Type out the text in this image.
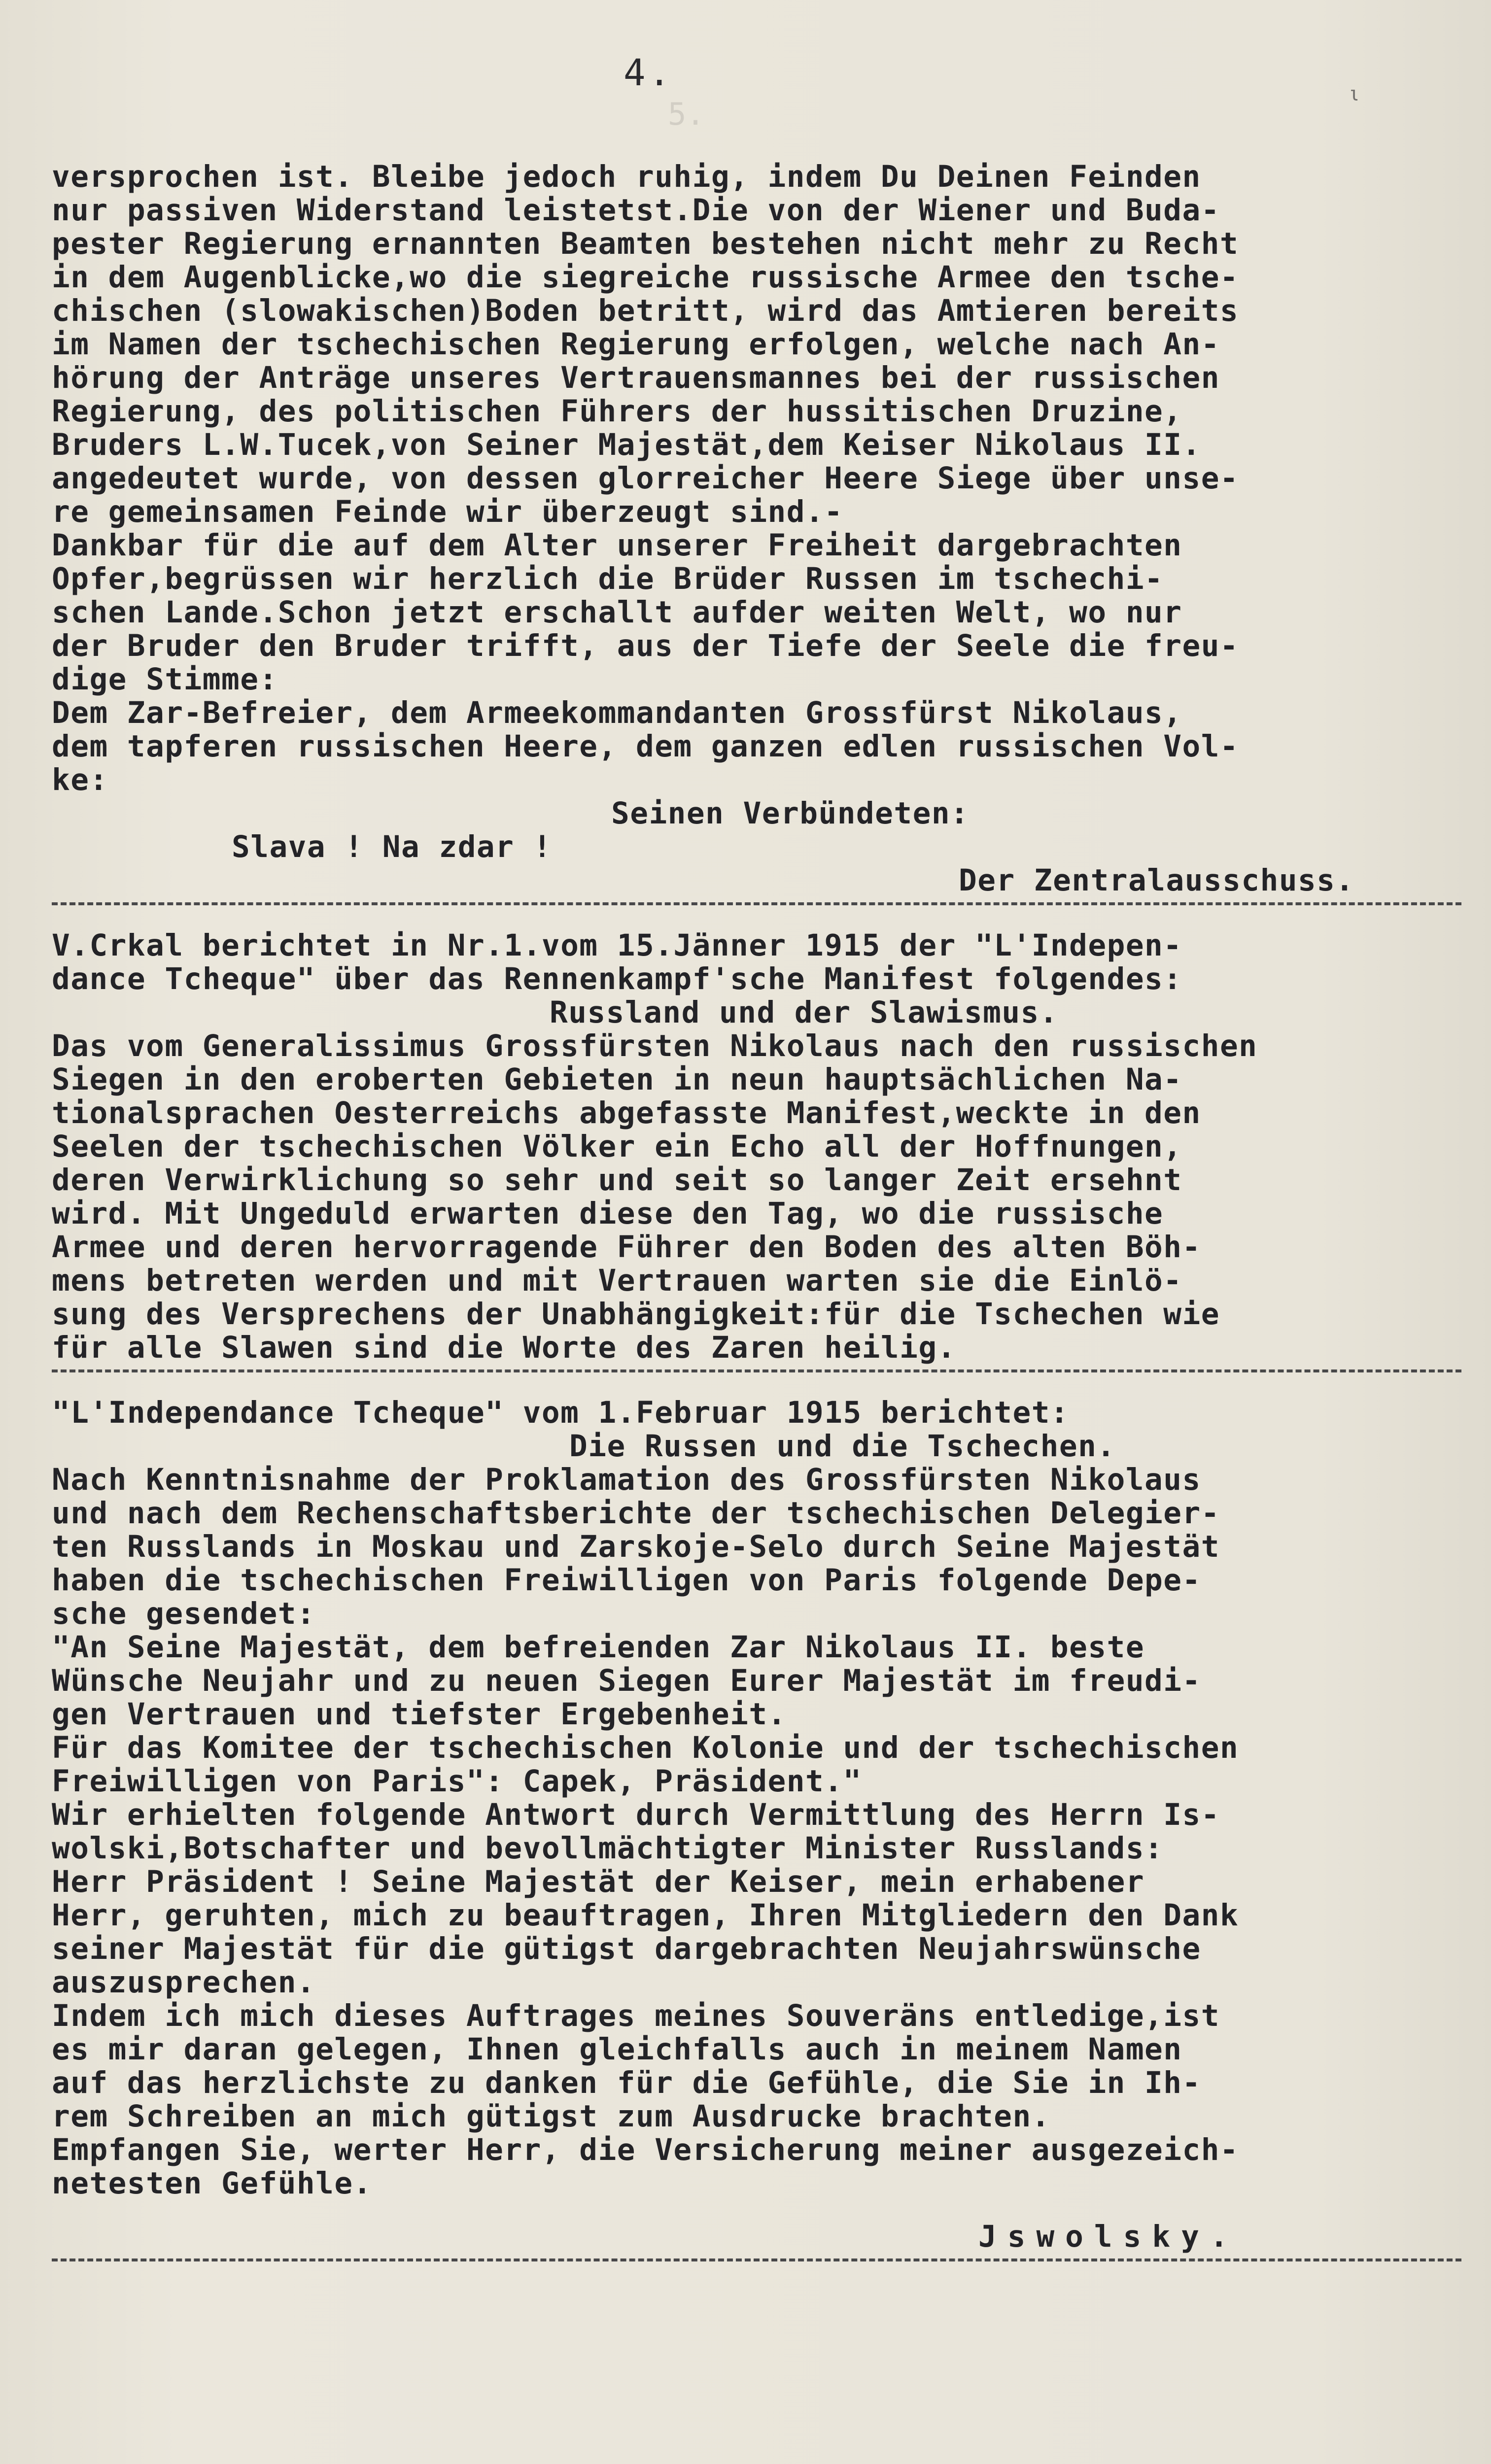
4.
5.
ι
versprochen ist. Bleibe jedoch ruhig, indem Du Deinen Feinden
nur passiven Widerstand leistetst.Die von der Wiener und Buda-
pester Regierung ernannten Beamten bestehen nicht mehr zu Recht
in dem Augenblicke,wo die siegreiche russische Armee den tsche-
chischen (slowakischen)Boden betritt, wird das Amtieren bereits
im Namen der tschechischen Regierung erfolgen, welche nach An-
hörung der Anträge unseres Vertrauensmannes bei der russischen
Regierung, des politischen Führers der hussitischen Druzine,
Bruders L.W.Tucek,von Seiner Majestät,dem Keiser Nikolaus II.
angedeutet wurde, von dessen glorreicher Heere Siege über unse-
re gemeinsamen Feinde wir überzeugt sind.-
Dankbar für die auf dem Alter unserer Freiheit dargebrachten
Opfer,begrüssen wir herzlich die Brüder Russen im tschechi-
schen Lande.Schon jetzt erschallt aufder weiten Welt, wo nur
der Bruder den Bruder trifft, aus der Tiefe der Seele die freu-
dige Stimme:
Dem Zar-Befreier, dem Armeekommandanten Grossfürst Nikolaus,
dem tapferen russischen Heere, dem ganzen edlen russischen Vol-
ke:
Seinen Verbündeten:
Slava ! Na zdar !
Der Zentralausschuss.
V.Crkal berichtet in Nr.1.vom 15.Jänner 1915 der "L'Indepen-
dance Tcheque" über das Rennenkampf'sche Manifest folgendes:
Russland und der Slawismus.
Das vom Generalissimus Grossfürsten Nikolaus nach den russischen
Siegen in den eroberten Gebieten in neun hauptsächlichen Na-
tionalsprachen Oesterreichs abgefasste Manifest,weckte in den
Seelen der tschechischen Völker ein Echo all der Hoffnungen,
deren Verwirklichung so sehr und seit so langer Zeit ersehnt
wird. Mit Ungeduld erwarten diese den Tag, wo die russische
Armee und deren hervorragende Führer den Boden des alten Böh-
mens betreten werden und mit Vertrauen warten sie die Einlö-
sung des Versprechens der Unabhängigkeit:für die Tschechen wie
für alle Slawen sind die Worte des Zaren heilig.
"L'Independance Tcheque" vom 1.Februar 1915 berichtet:
Die Russen und die Tschechen.
Nach Kenntnisnahme der Proklamation des Grossfürsten Nikolaus
und nach dem Rechenschaftsberichte der tschechischen Delegier-
ten Russlands in Moskau und Zarskoje-Selo durch Seine Majestät
haben die tschechischen Freiwilligen von Paris folgende Depe-
sche gesendet:
"An Seine Majestät, dem befreienden Zar Nikolaus II. beste
Wünsche Neujahr und zu neuen Siegen Eurer Majestät im freudi-
gen Vertrauen und tiefster Ergebenheit.
Für das Komitee der tschechischen Kolonie und der tschechischen
Freiwilligen von Paris": Capek, Präsident."
Wir erhielten folgende Antwort durch Vermittlung des Herrn Is-
wolski,Botschafter und bevollmächtigter Minister Russlands:
Herr Präsident ! Seine Majestät der Keiser, mein erhabener
Herr, geruhten, mich zu beauftragen, Ihren Mitgliedern den Dank
seiner Majestät für die gütigst dargebrachten Neujahrswünsche
auszusprechen.
Indem ich mich dieses Auftrages meines Souveräns entledige,ist
es mir daran gelegen, Ihnen gleichfalls auch in meinem Namen
auf das herzlichste zu danken für die Gefühle, die Sie in Ih-
rem Schreiben an mich gütigst zum Ausdrucke brachten.
Empfangen Sie, werter Herr, die Versicherung meiner ausgezeich-
netesten Gefühle.
Jswolsky.
